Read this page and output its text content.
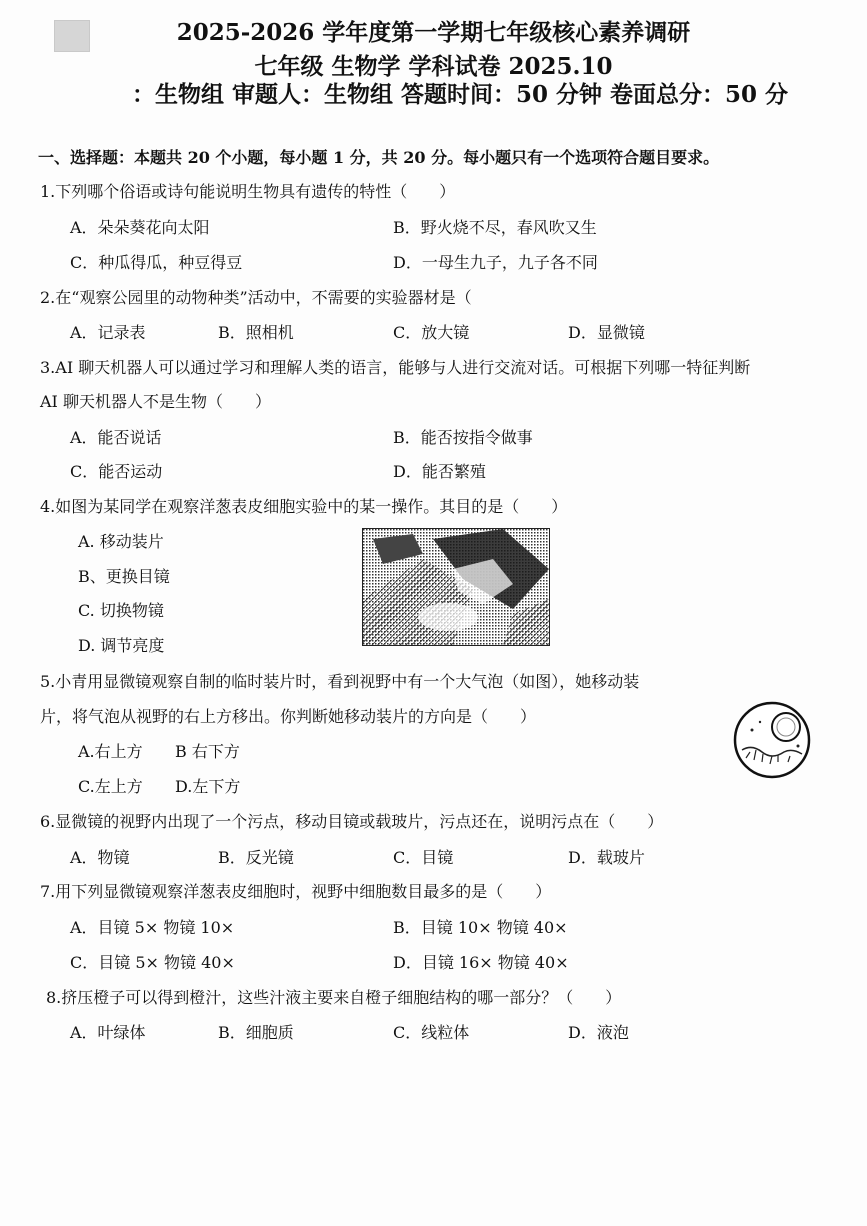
2025-2026 学年度第一学期七年级核心素养调研
七年级 生物学 学科试卷 2025.10
：生物组 审题人：生物组 答题时间：50 分钟 卷面总分：50 分
一、选择题：本题共 20 个小题，每小题 1 分，共 20 分。每小题只有一个选项符合题目要求。
1.下列哪个俗语或诗句能说明生物具有遗传的特性（　　）
A．朵朵葵花向太阳	B．野火烧不尽，春风吹又生
C．种瓜得瓜，种豆得豆	D．一母生九子，九子各不同
2.在“观察公园里的动物种类”活动中，不需要的实验器材是（
A．记录表	B．照相机	C．放大镜	D．显微镜
3.AI 聊天机器人可以通过学习和理解人类的语言，能够与人进行交流对话。可根据下列哪一特征判断
AI 聊天机器人不是生物（　　）
A．能否说话	B．能否按指令做事
C．能否运动	D．能否繁殖
4.如图为某同学在观察洋葱表皮细胞实验中的某一操作。其目的是（　　）
A. 移动装片
B、更换目镜
C. 切换物镜
D. 调节亮度
5.小青用显微镜观察自制的临时装片时，看到视野中有一个大气泡（如图），她移动装
片，将气泡从视野的右上方移出。你判断她移动装片的方向是（　　）
A.右上方 B 右下方
C.左上方 D.左下方
6.显微镜的视野内出现了一个污点，移动目镜或载玻片，污点还在，说明污点在（　　）
A．物镜	B．反光镜	C．目镜	D．载玻片
7.用下列显微镜观察洋葱表皮细胞时，视野中细胞数目最多的是（　　）
A．目镜 5× 物镜 10×	B．目镜 10× 物镜 40×
C．目镜 5× 物镜 40×	D．目镜 16× 物镜 40×
8.挤压橙子可以得到橙汁，这些汁液主要来自橙子细胞结构的哪一部分？（　　）
A．叶绿体	B．细胞质	C．线粒体	D．液泡
